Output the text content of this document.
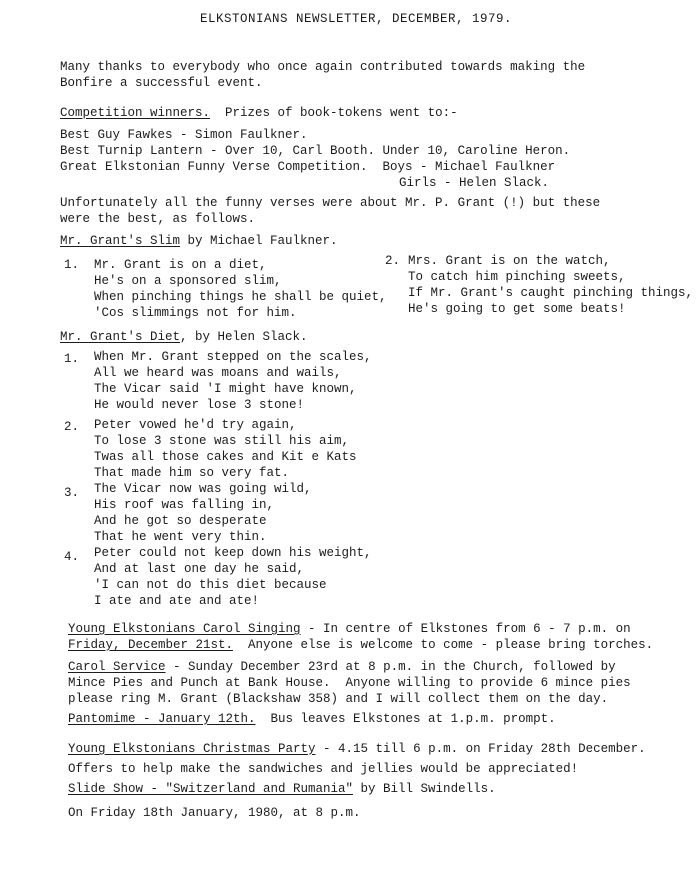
ELKSTONIANS NEWSLETTER, DECEMBER, 1979.
Many thanks to everybody who once again contributed towards making the
Bonfire a successful event.
Competition winners.  Prizes of book-tokens went to:-
Best Guy Fawkes - Simon Faulkner.
Best Turnip Lantern - Over 10, Carl Booth. Under 10, Caroline Heron.
Great Elkstonian Funny Verse Competition.  Boys - Michael Faulkner
Girls - Helen Slack.
Unfortunately all the funny verses were about Mr. P. Grant (!) but these
were the best, as follows.
Mr. Grant's Slim by Michael Faulkner.
1. Mr. Grant is on a diet,
He's on a sponsored slim,
When pinching things he shall be quiet,
'Cos slimmings not for him.
2. Mrs. Grant is on the watch,
To catch him pinching sweets,
If Mr. Grant's caught pinching things,
He's going to get some beats!
Mr. Grant's Diet, by Helen Slack.
1. When Mr. Grant stepped on the scales,
All we heard was moans and wails,
The Vicar said 'I might have known,
He would never lose 3 stone!
2. Peter vowed he'd try again,
To lose 3 stone was still his aim,
Twas all those cakes and Kit e Kats
That made him so very fat.
3. The Vicar now was going wild,
His roof was falling in,
And he got so desperate
That he went very thin.
4. Peter could not keep down his weight,
And at last one day he said,
'I can not do this diet because
I ate and ate and ate!
Young Elkstonians Carol Singing - In centre of Elkstones from 6 - 7 p.m. on
Friday, December 21st.  Anyone else is welcome to come - please bring torches.
Carol Service - Sunday December 23rd at 8 p.m. in the Church, followed by
Mince Pies and Punch at Bank House.  Anyone willing to provide 6 mince pies
please ring M. Grant (Blackshaw 358) and I will collect them on the day.
Pantomime - January 12th.  Bus leaves Elkstones at 1.p.m. prompt.
Young Elkstonians Christmas Party - 4.15 till 6 p.m. on Friday 28th December.
Offers to help make the sandwiches and jellies would be appreciated!
Slide Show - "Switzerland and Rumania" by Bill Swindells.
On Friday 18th January, 1980, at 8 p.m.
